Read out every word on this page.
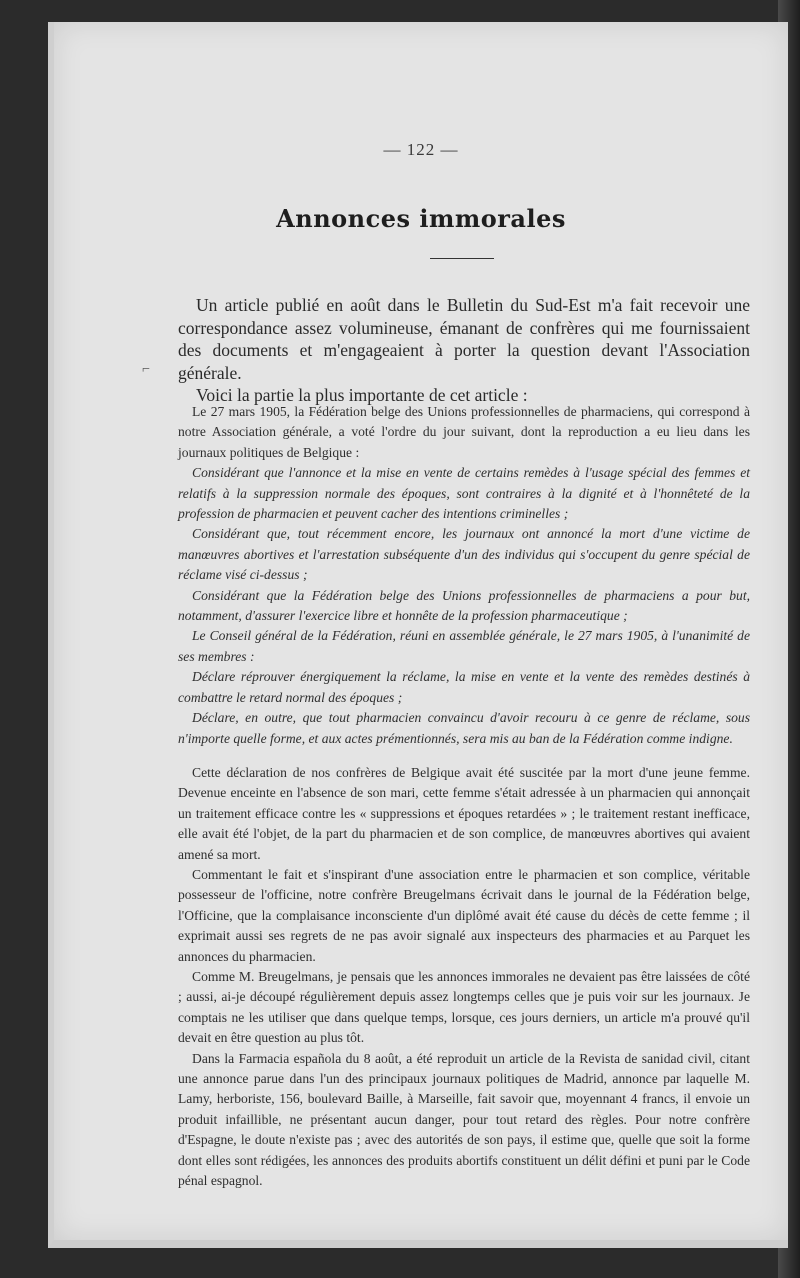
— 122 —
Annonces immorales
⌐

Un article publié en août dans le Bulletin du Sud-Est m'a fait recevoir une correspondance assez volumineuse, émanant de confrères qui me fournissaient des documents et m'engageaient à porter la question devant l'Association générale.

Voici la partie la plus importante de cet article :

Le 27 mars 1905, la Fédération belge des Unions professionnelles de pharmaciens, qui correspond à notre Association générale, a voté l'ordre du jour suivant, dont la reproduction a eu lieu dans les journaux politiques de Belgique :

Considérant que l'annonce et la mise en vente de certains remèdes à l'usage spécial des femmes et relatifs à la suppression normale des époques, sont contraires à la dignité et à l'honnêteté de la profession de pharmacien et peuvent cacher des intentions criminelles ;

Considérant que, tout récemment encore, les journaux ont annoncé la mort d'une victime de manœuvres abortives et l'arrestation subséquente d'un des individus qui s'occupent du genre spécial de réclame visé ci-dessus ;

Considérant que la Fédération belge des Unions professionnelles de pharmaciens a pour but, notamment, d'assurer l'exercice libre et honnête de la profession pharmaceutique ;

Le Conseil général de la Fédération, réuni en assemblée générale, le 27 mars 1905, à l'unanimité de ses membres :

Déclare réprouver énergiquement la réclame, la mise en vente et la vente des remèdes destinés à combattre le retard normal des époques ;

Déclare, en outre, que tout pharmacien convaincu d'avoir recouru à ce genre de réclame, sous n'importe quelle forme, et aux actes prémentionnés, sera mis au ban de la Fédération comme indigne.

Cette déclaration de nos confrères de Belgique avait été suscitée par la mort d'une jeune femme. Devenue enceinte en l'absence de son mari, cette femme s'était adressée à un pharmacien qui annonçait un traitement efficace contre les « suppressions et époques retardées » ; le traitement restant inefficace, elle avait été l'objet, de la part du pharmacien et de son complice, de manœuvres abortives qui avaient amené sa mort.

Commentant le fait et s'inspirant d'une association entre le pharmacien et son complice, véritable possesseur de l'officine, notre confrère Breugelmans écrivait dans le journal de la Fédération belge, l'Officine, que la complaisance inconsciente d'un diplômé avait été cause du décès de cette femme ; il exprimait aussi ses regrets de ne pas avoir signalé aux inspecteurs des pharmacies et au Parquet les annonces du pharmacien.

Comme M. Breugelmans, je pensais que les annonces immorales ne devaient pas être laissées de côté ; aussi, ai-je découpé régulièrement depuis assez longtemps celles que je puis voir sur les journaux. Je comptais ne les utiliser que dans quelque temps, lorsque, ces jours derniers, un article m'a prouvé qu'il devait en être question au plus tôt.

Dans la Farmacia española du 8 août, a été reproduit un article de la Revista de sanidad civil, citant une annonce parue dans l'un des principaux journaux politiques de Madrid, annonce par laquelle M. Lamy, herboriste, 156, boulevard Baille, à Marseille, fait savoir que, moyennant 4 francs, il envoie un produit infaillible, ne présentant aucun danger, pour tout retard des règles. Pour notre confrère d'Espagne, le doute n'existe pas ; avec des autorités de son pays, il estime que, quelle que soit la forme dont elles sont rédigées, les annonces des produits abortifs constituent un délit défini et puni par le Code pénal espagnol.
